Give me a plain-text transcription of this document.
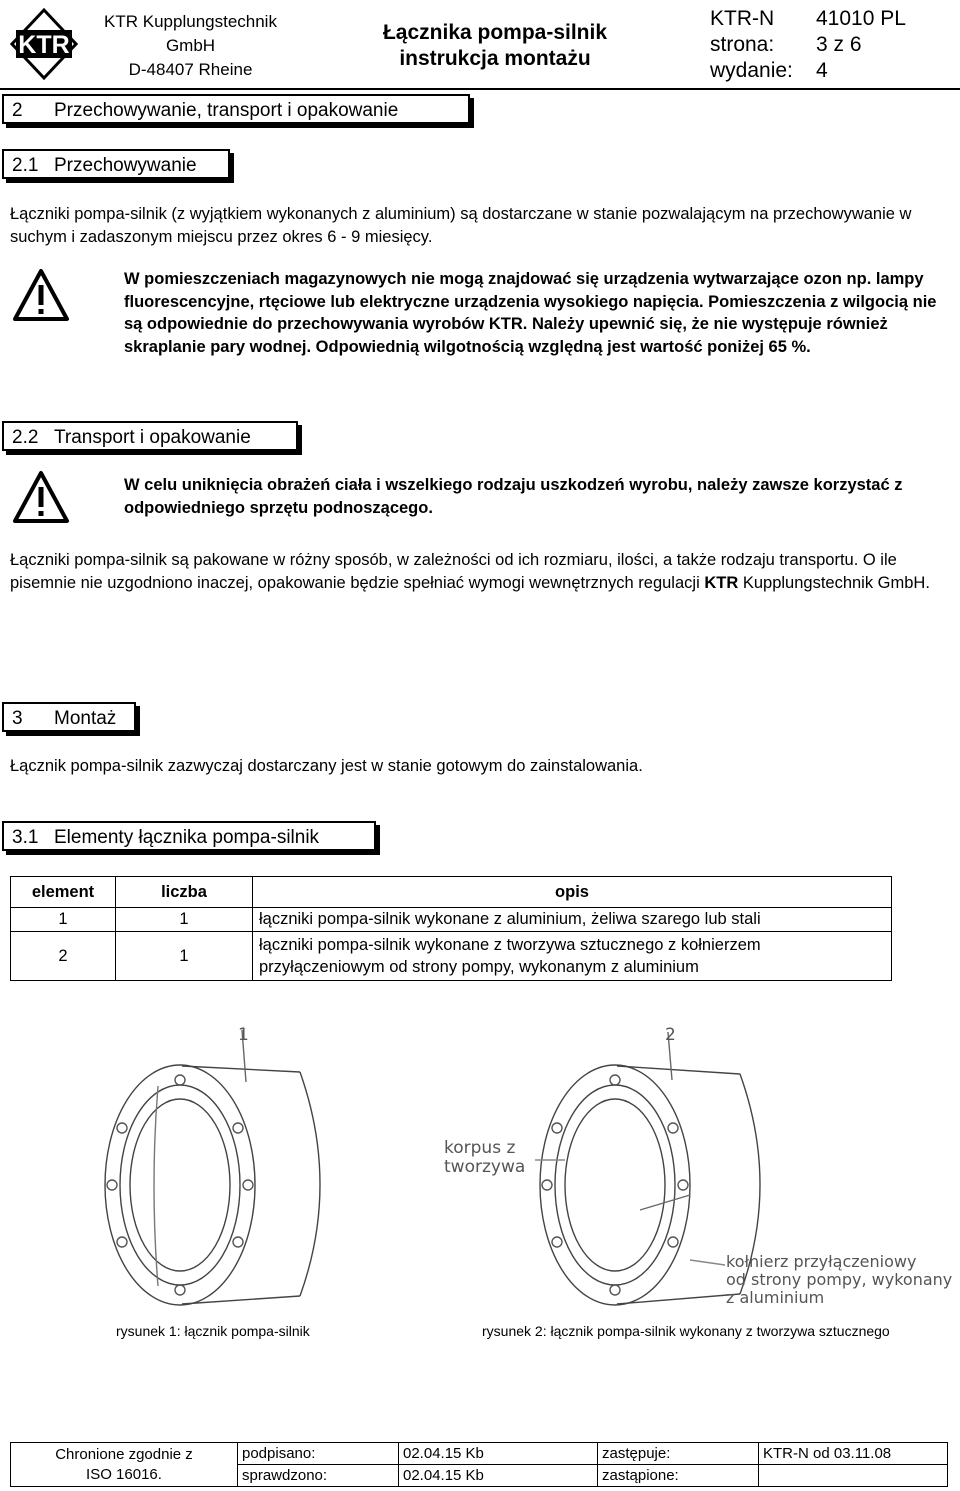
KTR
KTR Kupplungstechnik
GmbH
D-48407 Rheine
Łącznika pompa-silnik
instrukcja montażu
KTR-N 41010 PL
strona: 3 z 6
wydanie: 4
2 Przechowywanie, transport i opakowanie
2.1 Przechowywanie
Łączniki pompa-silnik (z wyjątkiem wykonanych z aluminium) są dostarczane w stanie pozwalającym na przechowywanie w suchym i zadaszonym miejscu przez okres 6 - 9 miesięcy.
W pomieszczeniach magazynowych nie mogą znajdować się urządzenia wytwarzające ozon np. lampy fluorescencyjne, rtęciowe lub elektryczne urządzenia wysokiego napięcia. Pomieszczenia z wilgocią nie są odpowiednie do przechowywania wyrobów KTR. Należy upewnić się, że nie występuje również skraplanie pary wodnej. Odpowiednią wilgotnością względną jest wartość poniżej 65 %.
2.2 Transport i opakowanie
W celu uniknięcia obrażeń ciała i wszelkiego rodzaju uszkodzeń wyrobu, należy zawsze korzystać z odpowiedniego sprzętu podnoszącego.
Łączniki pompa-silnik są pakowane w różny sposób, w zależności od ich rozmiaru, ilości, a także rodzaju transportu. O ile pisemnie nie uzgodniono inaczej, opakowanie będzie spełniać wymogi wewnętrznych regulacji KTR Kupplungstechnik GmbH.
3 Montaż
Łącznik pompa-silnik zazwyczaj dostarczany jest w stanie gotowym do zainstalowania.
3.1 Elementy łącznika pompa-silnik
element	liczba	opis
1	1	łączniki pompa-silnik wykonane z aluminium, żeliwa szarego lub stali
2	1	łączniki pompa-silnik wykonane z tworzywa sztucznego z kołnierzem przyłączeniowym od strony pompy, wykonanym z aluminium
1	2
korpus z
tworzywa
kołnierz przyłączeniowy
od strony pompy, wykonany
z aluminium
rysunek 1: łącznik pompa-silnik	rysunek 2: łącznik pompa-silnik wykonany z tworzywa sztucznego
Chronione zgodnie z
ISO 16016.	podpisano:	02.04.15 Kb	zastępuje:	KTR-N od 03.11.08
	sprawdzono:	02.04.15 Kb	zastąpione:	
